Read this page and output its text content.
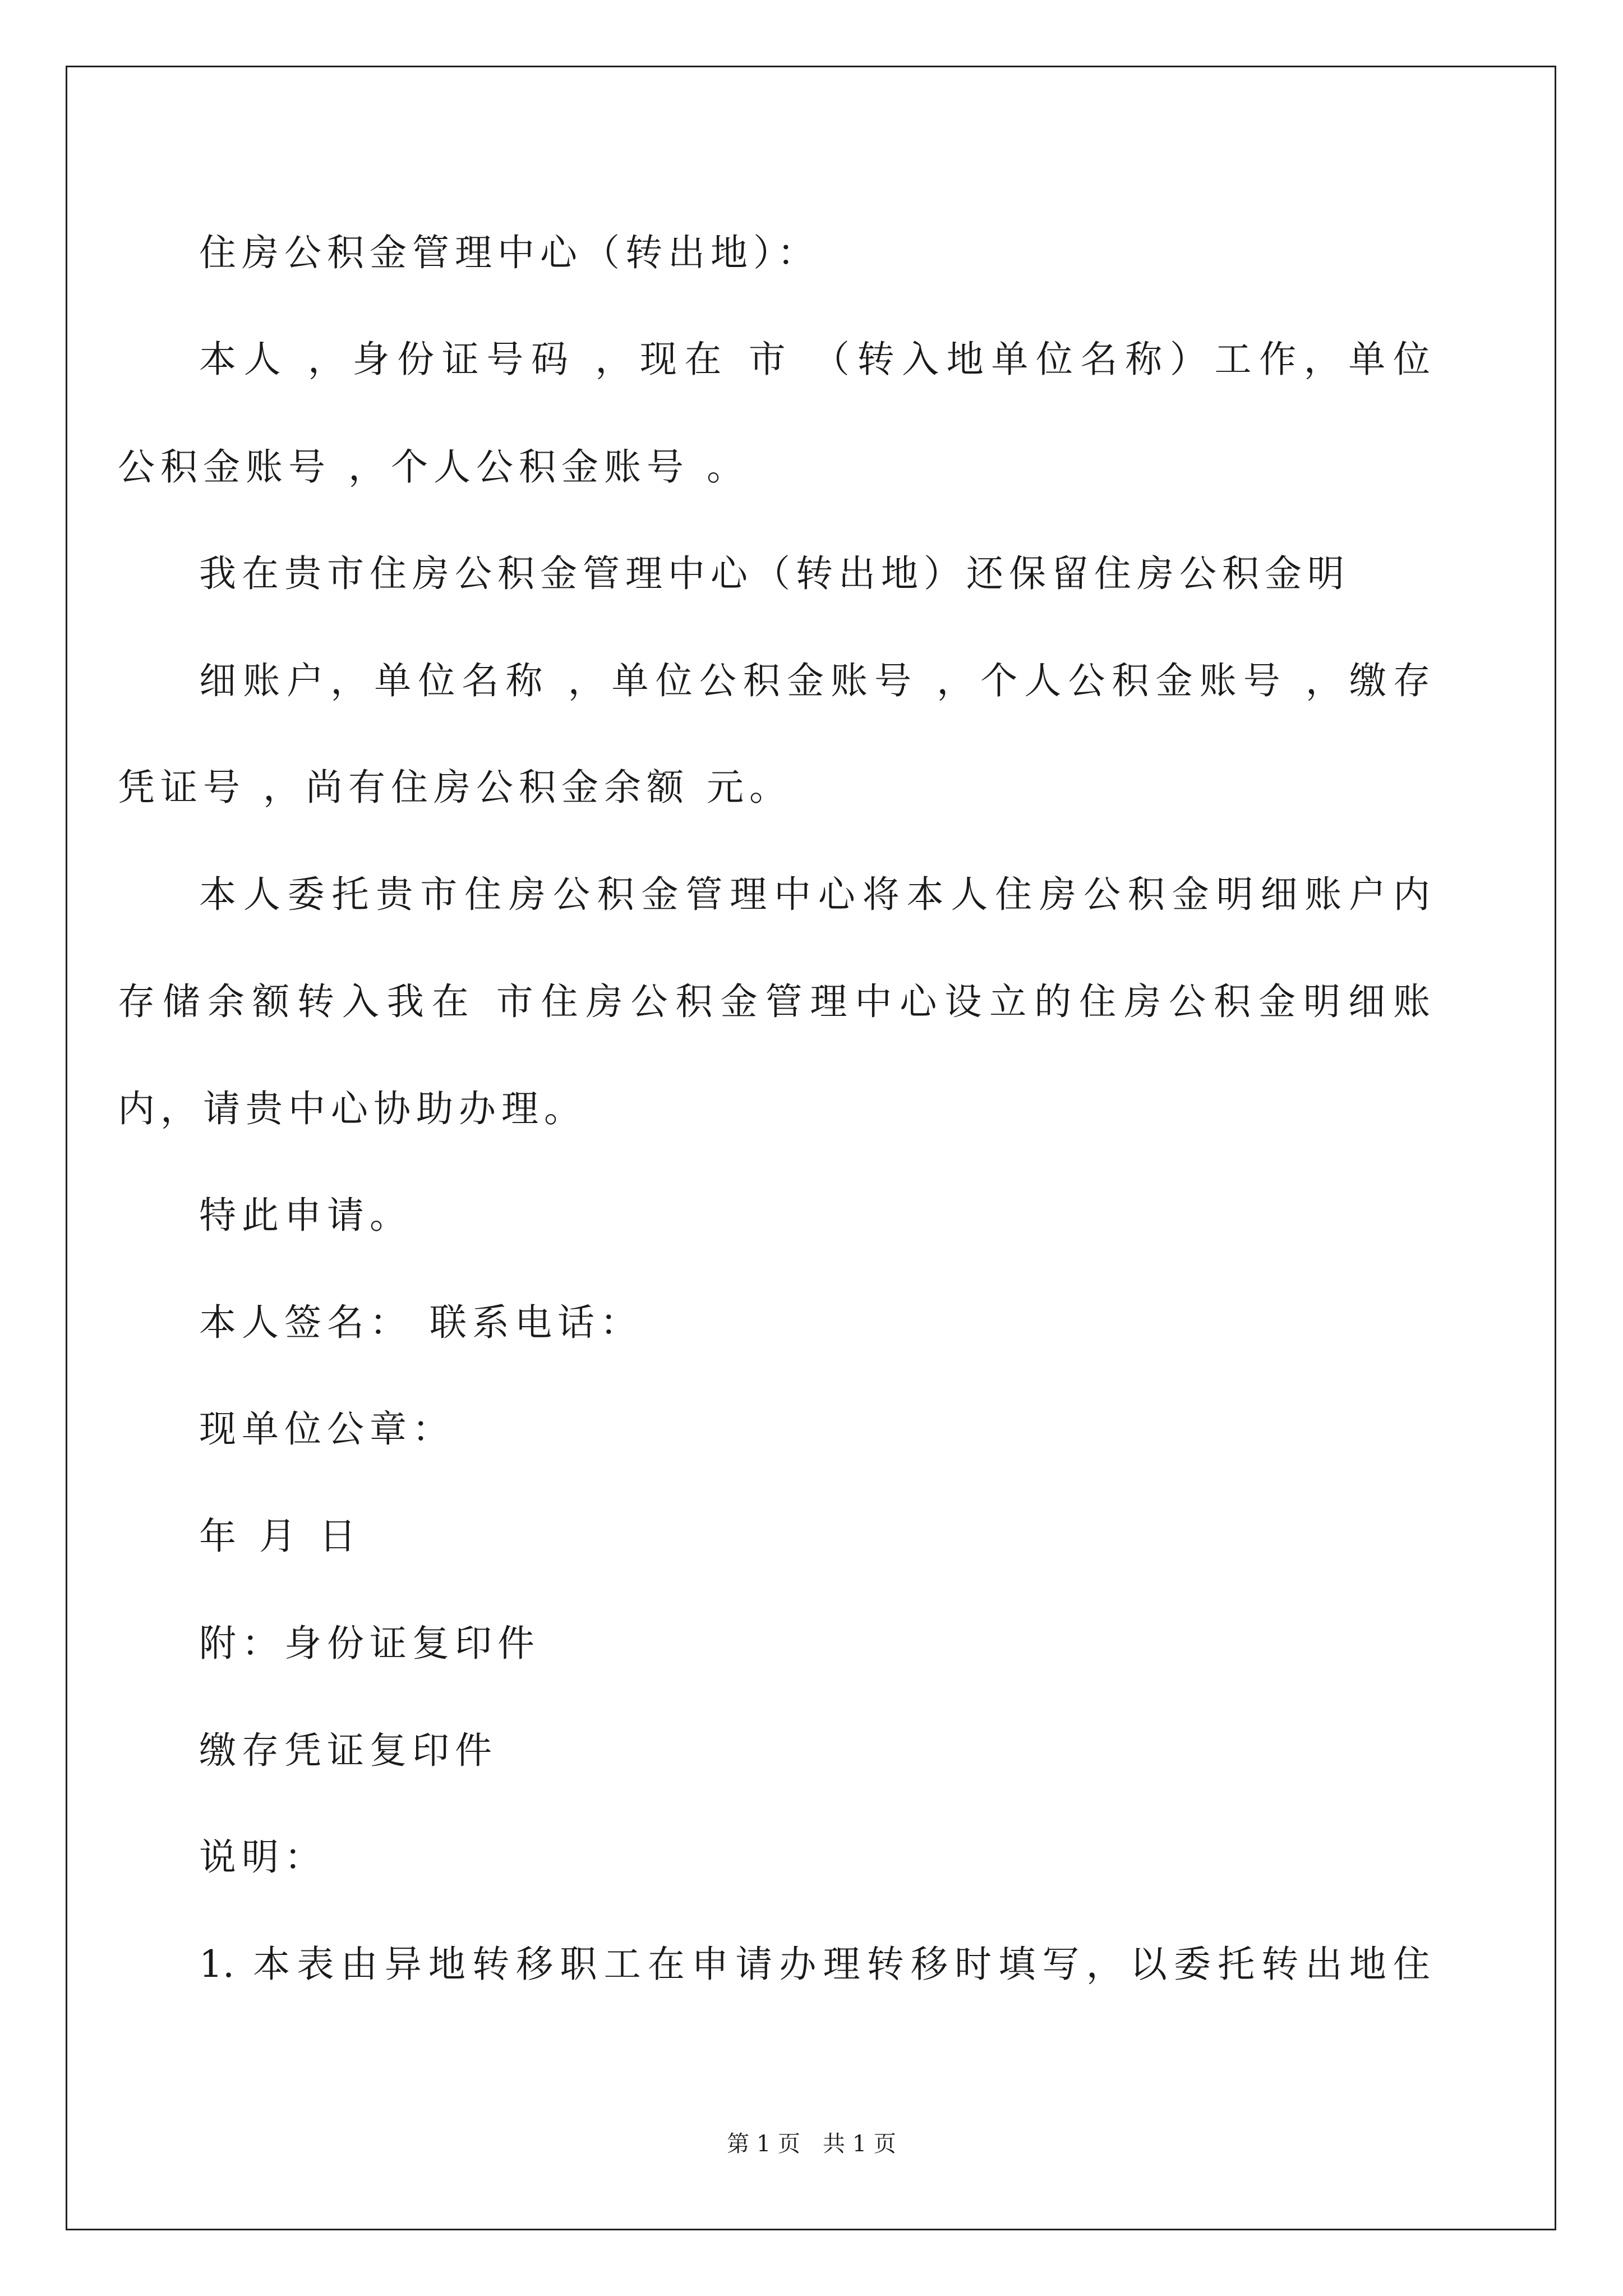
住房公积金管理中心（转出地）：
本人 ，身份证号码 ，现在 市 （转入地单位名称）工作，单位
公积金账号 ，个人公积金账号 。
我在贵市住房公积金管理中心（转出地）还保留住房公积金明
细账户，单位名称 ，单位公积金账号 ，个人公积金账号 ，缴存
凭证号 ，尚有住房公积金余额 元。
本人委托贵市住房公积金管理中心将本人住房公积金明细账户内
存储余额转入我在 市住房公积金管理中心设立的住房公积金明细账
内，请贵中心协助办理。
特此申请。
本人签名： 联系电话：
现单位公章：
年 月 日
附：身份证复印件
缴存凭证复印件
说明：
1. 本表由异地转移职工在申请办理转移时填写，以委托转出地住
第 1 页 共 1 页
